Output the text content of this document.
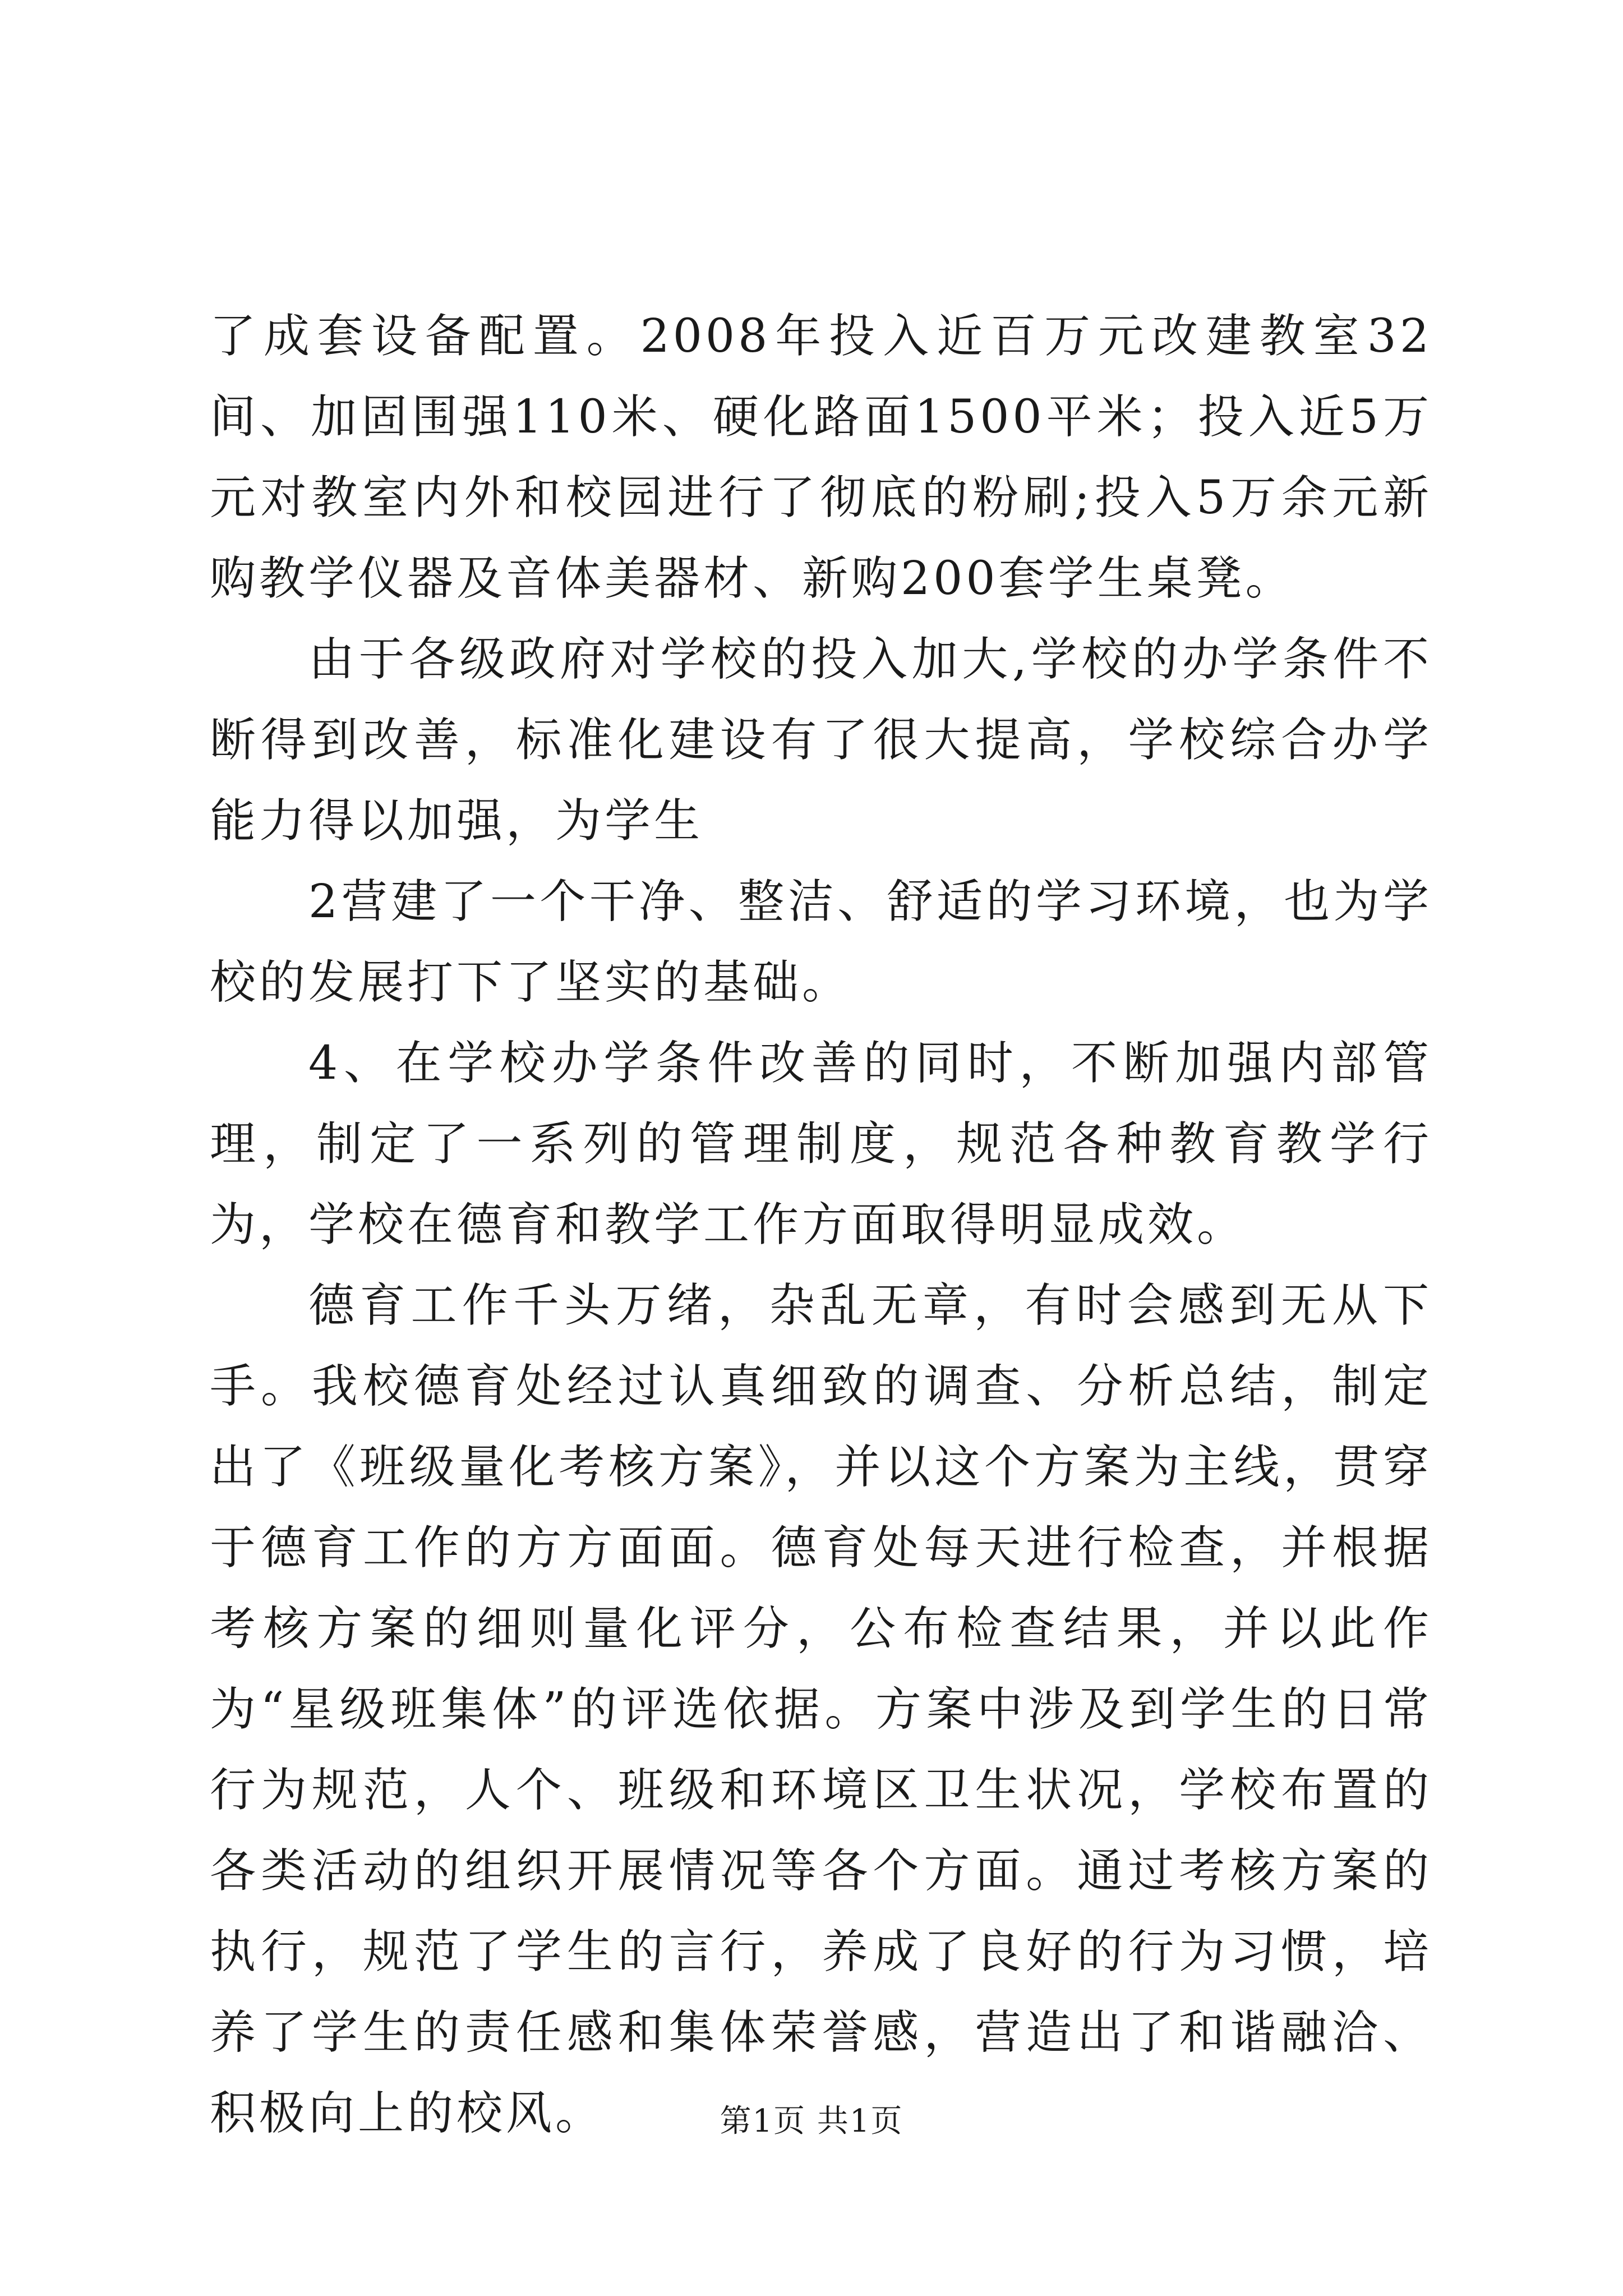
了成套设备配置。2008年投入近百万元改建教室32间、加固围强110米、硬化路面1500平米；投入近5万元对教室内外和校园进行了彻底的粉刷;投入5万余元新购教学仪器及音体美器材、新购200套学生桌凳。

由于各级政府对学校的投入加大,学校的办学条件不断得到改善，标准化建设有了很大提高，学校综合办学能力得以加强，为学生

2营建了一个干净、整洁、舒适的学习环境，也为学校的发展打下了坚实的基础。

4、在学校办学条件改善的同时，不断加强内部管理，制定了一系列的管理制度，规范各种教育教学行为，学校在德育和教学工作方面取得明显成效。

德育工作千头万绪，杂乱无章，有时会感到无从下手。我校德育处经过认真细致的调查、分析总结，制定出了《班级量化考核方案》，并以这个方案为主线，贯穿于德育工作的方方面面。德育处每天进行检查，并根据考核方案的细则量化评分，公布检查结果，并以此作为“星级班集体”的评选依据。方案中涉及到学生的日常行为规范，人个、班级和环境区卫生状况，学校布置的各类活动的组织开展情况等各个方面。通过考核方案的执行，规范了学生的言行，养成了良好的行为习惯，培养了学生的责任感和集体荣誉感，营造出了和谐融洽、积极向上的校风。	第1页 共1页
